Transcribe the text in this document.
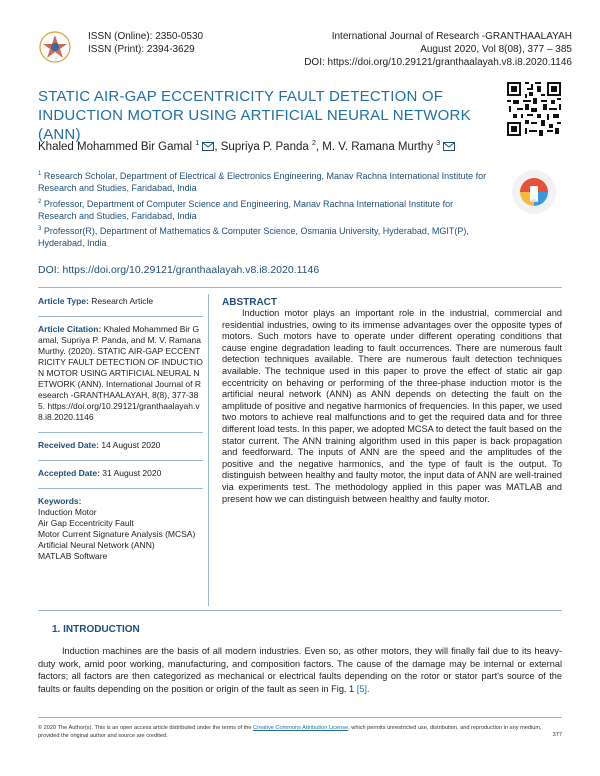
ISSN (Online): 2350-0530
ISSN (Print): 2394-3629
International Journal of Research -GRANTHAALAYAH
August 2020, Vol 8(08), 377 – 385
DOI: https://doi.org/10.29121/granthaalayah.v8.i8.2020.1146
STATIC AIR-GAP ECCENTRICITY FAULT DETECTION OF
INDUCTION MOTOR USING ARTIFICIAL NEURAL NETWORK (ANN)
Khaled Mohammed Bir Gamal $^1$ , Supriya P. Panda $^2$, M. V. Ramana Murthy $^3$
$^1$ Research Scholar, Department of Electrical & Electronics Engineering, Manav Rachna International Institute for Research and Studies, Faridabad, India
$^2$ Professor, Department of Computer Science and Engineering, Manav Rachna International Institute for Research and Studies, Faridabad, India
$^3$ Professor(R), Department of Mathematics & Computer Science, Osmania University, Hyderabad, MGIT(P), Hyderabad, India
DOI: https://doi.org/10.29121/granthaalayah.v8.i8.2020.1146
Article Type: Research Article
Article Citation: Khaled Mohammed Bir Gamal, Supriya P. Panda, and M. V. Ramana Murthy. (2020). STATIC AIR-GAP ECCENTRICITY FAULT DETECTION OF INDUCTION MOTOR USING ARTIFICIAL NEURAL NETWORK (ANN). International Journal of Research -GRANTHAALAYAH, 8(8), 377-385. https://doi.org/10.29121/granthaalayah.v8.i8.2020.1146
Received Date: 14 August 2020
Accepted Date: 31 August 2020
Keywords:
Induction Motor
Air Gap Eccentricity Fault
Motor Current Signature Analysis (MCSA)
Artificial Neural Network (ANN)
MATLAB Software
ABSTRACT
Induction motor plays an important role in the industrial, commercial and residential industries, owing to its immense advantages over the opposite types of motors. Such motors have to operate under different operating conditions that cause engine degradation leading to fault occurrences. There are numerous fault detection techniques available. There are numerous fault detection techniques available. The technique used in this paper to prove the effect of static air gap eccentricity on behaving or performing of the three-phase induction motor is the artificial neural network (ANN) as ANN depends on detecting the fault on the amplitude of positive and negative harmonics of frequencies. In this paper, we used two motors to achieve real malfunctions and to get the required data and for three different load tests. In this paper, we adopted MCSA to detect the fault based on the stator current. The ANN training algorithm used in this paper is back propagation and feedforward. The inputs of ANN are the speed and the amplitudes of the positive and the negative harmonics, and the type of fault is the output. To distinguish between healthy and faulty motor, the input data of ANN are well-trained via experiments test. The methodology applied in this paper was MATLAB and present how we can distinguish between healthy and faulty motor.
1. INTRODUCTION
Induction machines are the basis of all modern industries. Even so, as other motors, they will finally fail due to its heavy-duty work, amid poor working, manufacturing, and composition factors. The cause of the damage may be internal or external factors; all factors are then categorized as mechanical or electrical faults depending on the rotor or stator part's source of the faults or faults depending on the position or origin of the fault as seen in Fig. 1 [5].
© 2020 The Author(s). This is an open access article distributed under the terms of the Creative Commons Attribution License, which permits unrestricted use, distribution, and reproduction in any medium, provided the original author and source are credited.	377
